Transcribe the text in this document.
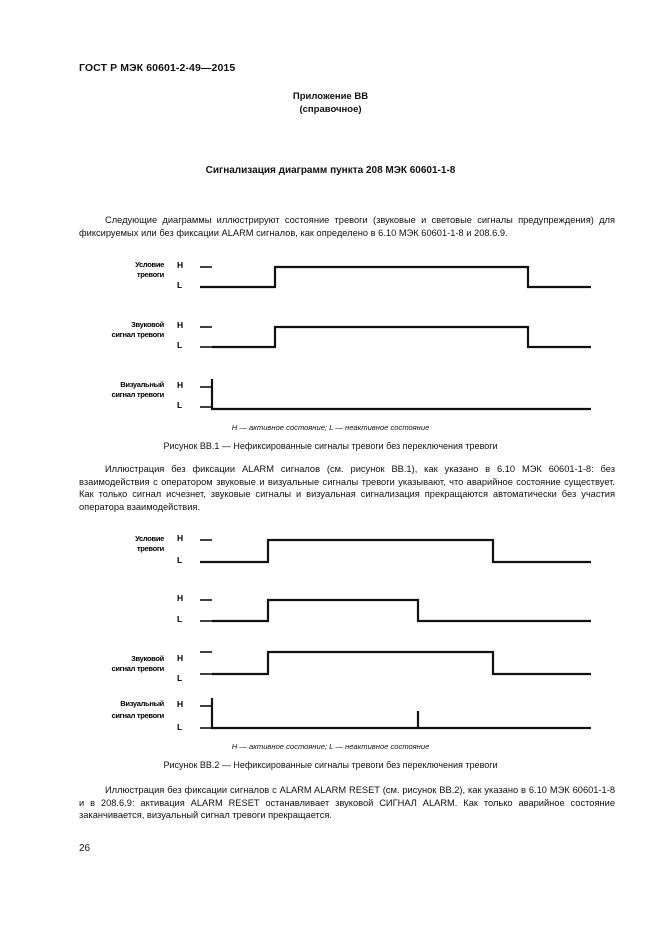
ГОСТ Р МЭК 60601-2-49—2015
Приложение ВВ
(справочное)
Сигнализация диаграмм пункта 208 МЭК 60601-1-8

Следующие диаграммы иллюстрируют состояние тревоги (звуковые и световые сигналы предупреждения) для фиксируемых или без фиксации ALARM сигналов, как определено в 6.10 МЭК 60601-1-8 и 208.6.9.

Условие
тревоги
H
L
Звуковой
сигнал тревоги
H
L
Визуальный
сигнал тревоги
H
L
H — активное состояние; L — неактивное состояние
Рисунок ВВ.1 — Нефиксированные сигналы тревоги без переключения тревоги

Иллюстрация без фиксации ALARM сигналов (см. рисунок ВВ.1), как указано в 6.10 МЭК 60601-1-8: без взаимодействия с оператором звуковые и визуальные сигналы тревоги указывают, что аварийное состояние существует. Как только сигнал исчезнет, звуковые сигналы и визуальная сигнализация прекращаются автоматически без участия оператора взаимодействия.

Условие
тревоги
H
L
H
L
Звуковой
сигнал тревоги
H
L
Визуальный
сигнал тревоги
H
L
H — активное состояние; L — неактивное состояние
Рисунок ВВ.2 — Нефиксированные сигналы тревоги без переключения тревоги

Иллюстрация без фиксации сигналов с ALARM ALARM RESET (см. рисунок ВВ.2), как указано в 6.10 МЭК 60601-1-8 и в 208.6.9: активация ALARM RESET останавливает звуковой СИГНАЛ ALARM. Как только аварийное состояние заканчивается, визуальный сигнал тревоги прекращается.

26
